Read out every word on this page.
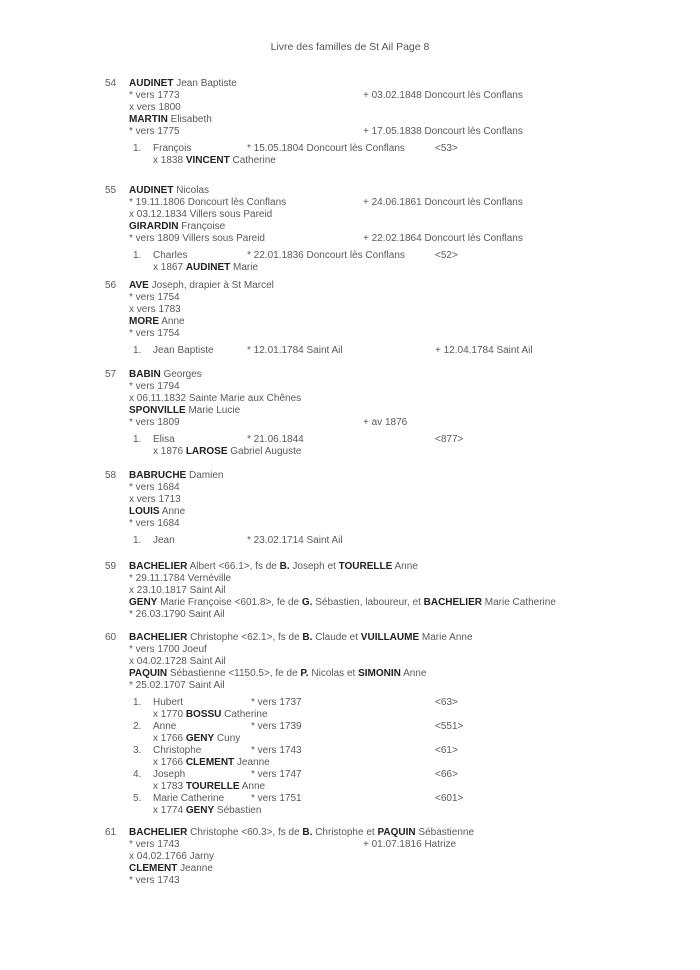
Livre des familles de St Ail Page 8
54 AUDINET Jean Baptiste
* vers 1773	+ 03.02.1848 Doncourt lès Conflans
x vers 1800
MARTIN Elisabeth
* vers 1775	+ 17.05.1838 Doncourt lès Conflans
1. François	* 15.05.1804 Doncourt lès Conflans	<53>
x 1838 VINCENT Catherine
55 AUDINET Nicolas
* 19.11.1806 Doncourt lès Conflans	+ 24.06.1861 Doncourt lès Conflans
x 03.12.1834 Villers sous Pareid
GIRARDIN Françoise
* vers 1809 Villers sous Pareid	+ 22.02.1864 Doncourt lès Conflans
1. Charles	* 22.01.1836 Doncourt lès Conflans	<52>
x 1867 AUDINET Marie
56 AVE Joseph, drapier à St Marcel
* vers 1754
x vers 1783
MORE Anne
* vers 1754
1. Jean Baptiste	* 12.01.1784 Saint Ail	+ 12.04.1784 Saint Ail
57 BABIN Georges
* vers 1794
x 06.11.1832 Sainte Marie aux Chênes
SPONVILLE Marie Lucie
* vers 1809	+ av 1876
1. Elisa	* 21.06.1844	<877>
x 1876 LAROSE Gabriel Auguste
58 BABRUCHE Damien
* vers 1684
x vers 1713
LOUIS Anne
* vers 1684
1. Jean	* 23.02.1714 Saint Ail
59 BACHELIER Albert <66.1>, fs de B. Joseph et TOURELLE Anne
* 29.11.1784 Vernéville
x 23.10.1817 Saint Ail
GENY Marie Françoise <601.8>, fe de G. Sébastien, laboureur, et BACHELIER Marie Catherine
* 26.03.1790 Saint Ail
60 BACHELIER Christophe <62.1>, fs de B. Claude et VUILLAUME Marie Anne
* vers 1700 Joeuf
x 04.02.1728 Saint Ail
PAQUIN Sébastienne <1150.5>, fe de P. Nicolas et SIMONIN Anne
* 25.02.1707 Saint Ail
1. Hubert	* vers 1737	<63>
x 1770 BOSSU Catherine
2. Anne	* vers 1739	<551>
x 1766 GENY Cuny
3. Christophe	* vers 1743	<61>
x 1766 CLEMENT Jeanne
4. Joseph	* vers 1747	<66>
x 1783 TOURELLE Anne
5. Marie Catherine	* vers 1751	<601>
x 1774 GENY Sébastien
61 BACHELIER Christophe <60.3>, fs de B. Christophe et PAQUIN Sébastienne
* vers 1743	+ 01.07.1816 Hatrize
x 04.02.1766 Jarny
CLEMENT Jeanne
* vers 1743
